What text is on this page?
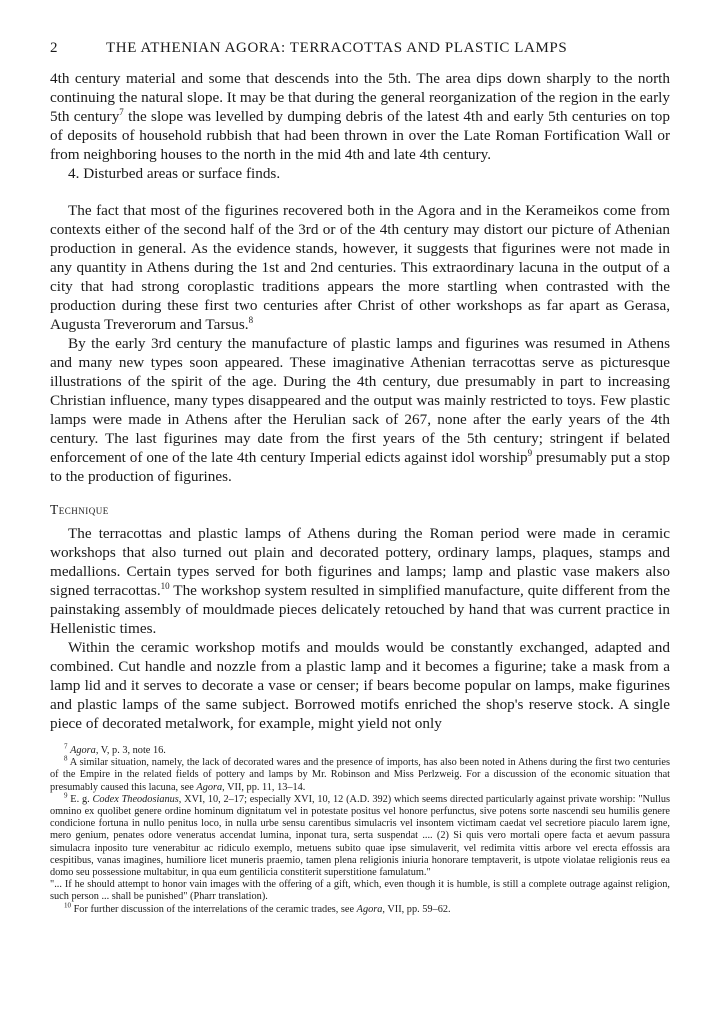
2	THE ATHENIAN AGORA: TERRACOTTAS AND PLASTIC LAMPS

4th century material and some that descends into the 5th. The area dips down sharply to the north continuing the natural slope. It may be that during the general reorganization of the region in the early 5th century$^7$ the slope was levelled by dumping debris of the latest 4th and early 5th centuries on top of deposits of household rubbish that had been thrown in over the Late Roman Fortification Wall or from neighboring houses to the north in the mid 4th and late 4th century.

4. Disturbed areas or surface finds.

The fact that most of the figurines recovered both in the Agora and in the Kerameikos come from contexts either of the second half of the 3rd or of the 4th century may distort our picture of Athenian production in general. As the evidence stands, however, it suggests that figurines were not made in any quantity in Athens during the 1st and 2nd centuries. This extraordinary lacuna in the output of a city that had strong coroplastic traditions appears the more startling when contrasted with the production during these first two centuries after Christ of other workshops as far apart as Gerasa, Augusta Treverorum and Tarsus.$^8$

By the early 3rd century the manufacture of plastic lamps and figurines was resumed in Athens and many new types soon appeared. These imaginative Athenian terracottas serve as picturesque illustrations of the spirit of the age. During the 4th century, due presumably in part to increasing Christian influence, many types disappeared and the output was mainly restricted to toys. Few plastic lamps were made in Athens after the Herulian sack of 267, none after the early years of the 4th century. The last figurines may date from the first years of the 5th century; stringent if belated enforcement of one of the late 4th century Imperial edicts against idol worship$^9$ presumably put a stop to the production of figurines.

Technique

The terracottas and plastic lamps of Athens during the Roman period were made in ceramic workshops that also turned out plain and decorated pottery, ordinary lamps, plaques, stamps and medallions. Certain types served for both figurines and lamps; lamp and plastic vase makers also signed terracottas.$^{10}$ The workshop system resulted in simplified manufacture, quite different from the painstaking assembly of mouldmade pieces delicately retouched by hand that was current practice in Hellenistic times.

Within the ceramic workshop motifs and moulds would be constantly exchanged, adapted and combined. Cut handle and nozzle from a plastic lamp and it becomes a figurine; take a mask from a lamp lid and it serves to decorate a vase or censer; if bears become popular on lamps, make figurines and plastic lamps of the same subject. Borrowed motifs enriched the shop's reserve stock. A single piece of decorated metalwork, for example, might yield not only

$^7$ Agora, V, p. 3, note 16.

$^8$ A similar situation, namely, the lack of decorated wares and the presence of imports, has also been noted in Athens during the first two centuries of the Empire in the related fields of pottery and lamps by Mr. Robinson and Miss Perlzweig. For a discussion of the economic situation that presumably caused this lacuna, see Agora, VII, pp. 11, 13–14.

$^9$ E. g. Codex Theodosianus, XVI, 10, 2–17; especially XVI, 10, 12 (A.D. 392) which seems directed particularly against private worship: "Nullus omnino ex quolibet genere ordine hominum dignitatum vel in potestate positus vel honore perfunctus, sive potens sorte nascendi seu humilis genere condicione fortuna in nullo penitus loco, in nulla urbe sensu carentibus simulacris vel insontem victimam caedat vel secretiore piaculo larem igne, mero genium, penates odore veneratus accendat lumina, inponat tura, serta suspendat .... (2) Si quis vero mortali opere facta et aevum passura simulacra inposito ture venerabitur ac ridiculo exemplo, metuens subito quae ipse simulaverit, vel redimita vittis arbore vel erecta effossis ara cespitibus, vanas imagines, humiliore licet muneris praemio, tamen plena religionis iniuria honorare temptaverit, is utpote violatae religionis reus ea domo seu possessione multabitur, in qua eum gentilicia constiterit superstitione famulatum."

"... If he should attempt to honor vain images with the offering of a gift, which, even though it is humble, is still a complete outrage against religion, such person ... shall be punished" (Pharr translation).

$^{10}$ For further discussion of the interrelations of the ceramic trades, see Agora, VII, pp. 59–62.
